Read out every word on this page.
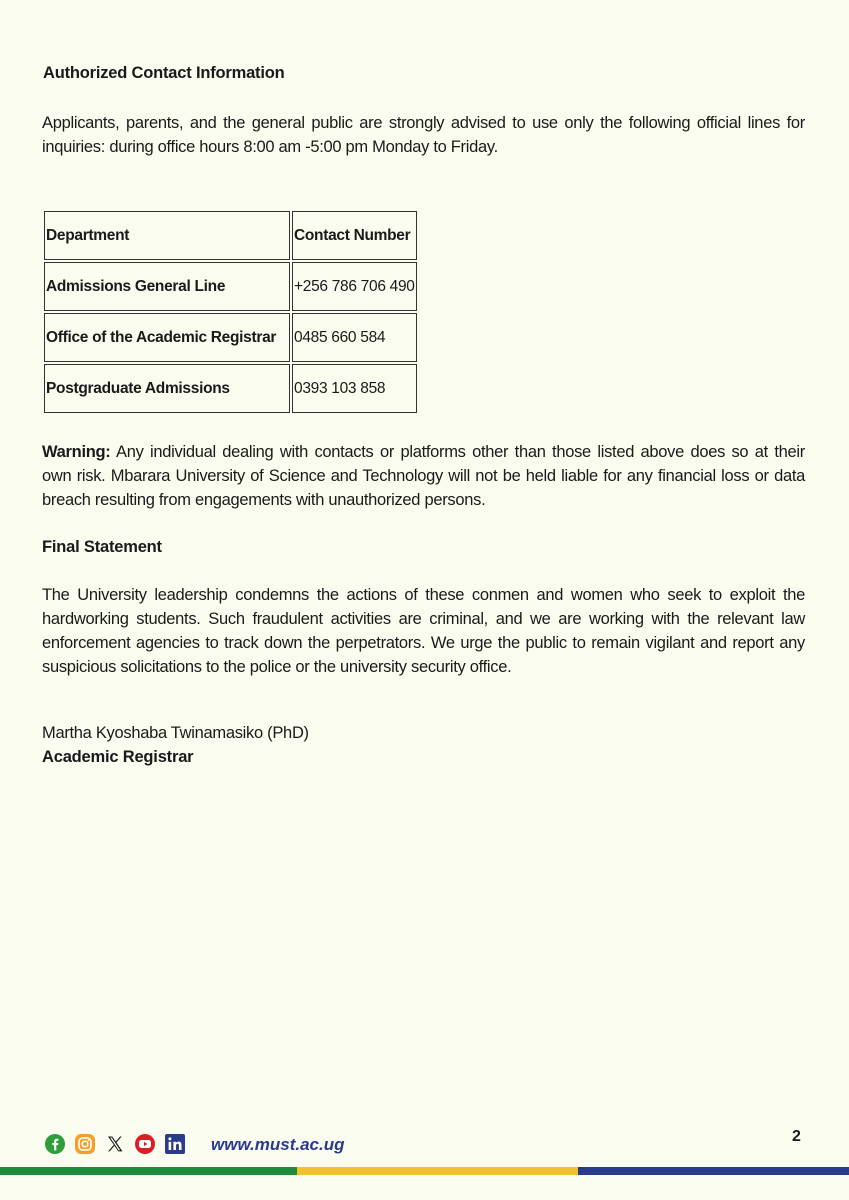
Authorized Contact Information
Applicants, parents, and the general public are strongly advised to use only the following official lines for
inquiries: during office hours 8:00 am -5:00 pm Monday to Friday.
Department	Contact Number
Admissions General Line	+256 786 706 490
Office of the Academic Registrar	0485 660 584
Postgraduate Admissions	0393 103 858
Warning: Any individual dealing with contacts or platforms other than those listed above does so at their
own risk. Mbarara University of Science and Technology will not be held liable for any financial loss or data
breach resulting from engagements with unauthorized persons.
Final Statement
The University leadership condemns the actions of these conmen and women who seek to exploit the
hardworking students. Such fraudulent activities are criminal, and we are working with the relevant law
enforcement agencies to track down the perpetrators. We urge the public to remain vigilant and report any
suspicious solicitations to the police or the university security office.
Martha Kyoshaba Twinamasiko (PhD)
Academic Registrar
www.must.ac.ug	2
